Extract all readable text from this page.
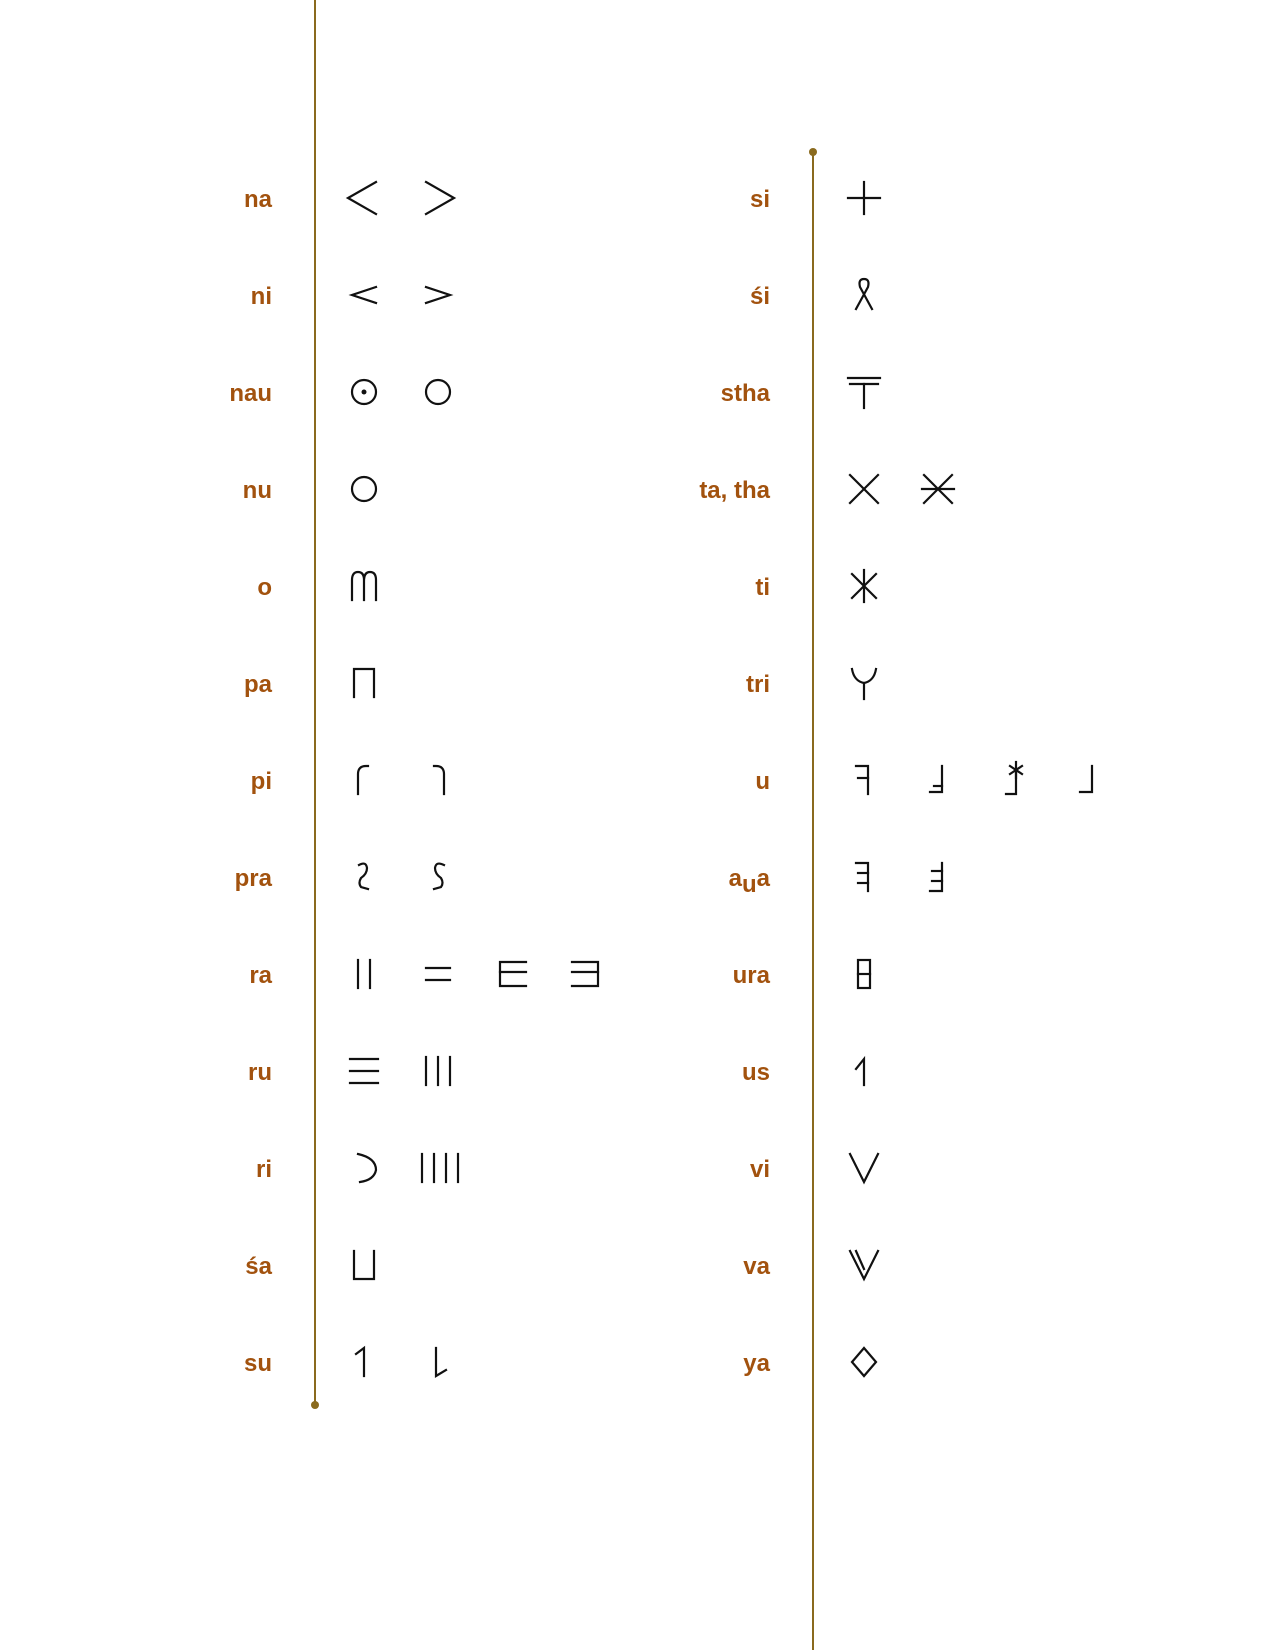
na
ni
nau
nu
o
pa
pi
pra
ra
ru
ri
śa
su
si
śi
stha
ta, tha
ti
tri
u
aua
ura
us
vi
va
ya
